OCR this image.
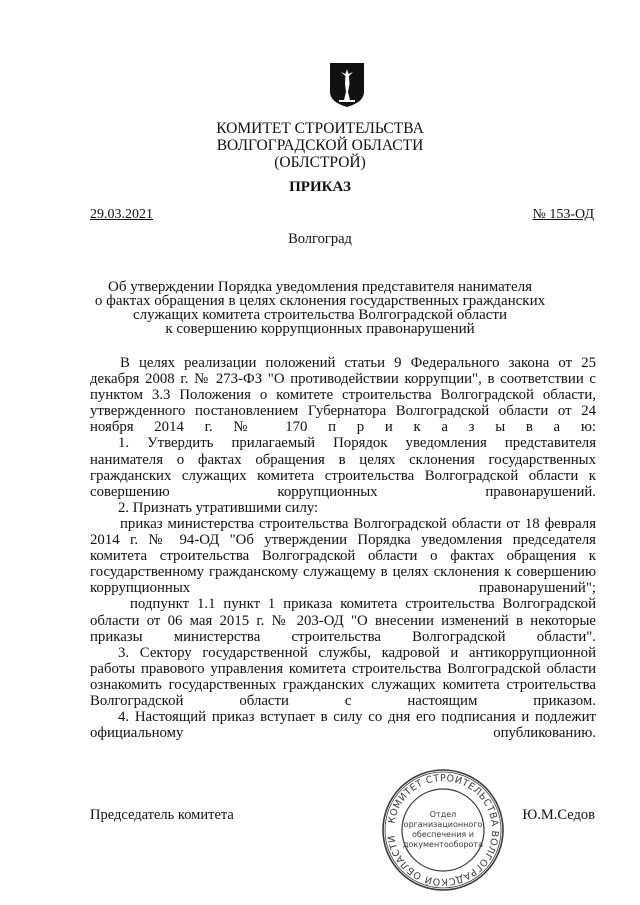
КОМИТЕТ СТРОИТЕЛЬСТВА
ВОЛГОГРАДСКОЙ ОБЛАСТИ
(ОБЛСТРОЙ)
ПРИКАЗ
29.03.2021	№ 153-ОД
Волгоград
Об утверждении Порядка уведомления представителя нанимателя
о фактах обращения в целях склонения государственных гражданских
служащих комитета строительства Волгоградской области
к совершению коррупционных правонарушений

В целях реализации положений статьи 9 Федерального закона от 25 декабря 2008 г. № 273-ФЗ "О противодействии коррупции", в соответствии с пунктом 3.3 Положения о комитете строительства Волгоградской области, утвержденного постановлением Губернатора Волгоградской области от 24 ноября 2014 г. № 170 п р и к а з ы в а ю:

1. Утвердить прилагаемый Порядок уведомления представителя нанимателя о фактах обращения в целях склонения государственных гражданских служащих комитета строительства Волгоградской области к совершению коррупционных правонарушений.

2. Признать утратившими силу:

приказ министерства строительства Волгоградской области от 18 февраля 2014 г. № 94-ОД "Об утверждении Порядка уведомления председателя комитета строительства Волгоградской области о фактах обращения к государственному гражданскому служащему в целях склонения к совершению коррупционных правонарушений";

подпункт 1.1 пункт 1 приказа комитета строительства Волгоградской области от 06 мая 2015 г. № 203-ОД "О внесении изменений в некоторые приказы министерства строительства Волгоградской области".

3. Сектору государственной службы, кадровой и антикоррупционной работы правового управления комитета строительства Волгоградской области ознакомить государственных гражданских служащих комитета строительства Волгоградской области с настоящим приказом.

4. Настоящий приказ вступает в силу со дня его подписания и подлежит официальному опубликованию.

Председатель комитета	Ю.М.Седов
КОМИТЕТ СТРОИТЕЛЬСТВА ВОЛГОГРАДСКОЙ ОБЛАСТИ
Отдел
организационного
обеспечения и
документооборота
